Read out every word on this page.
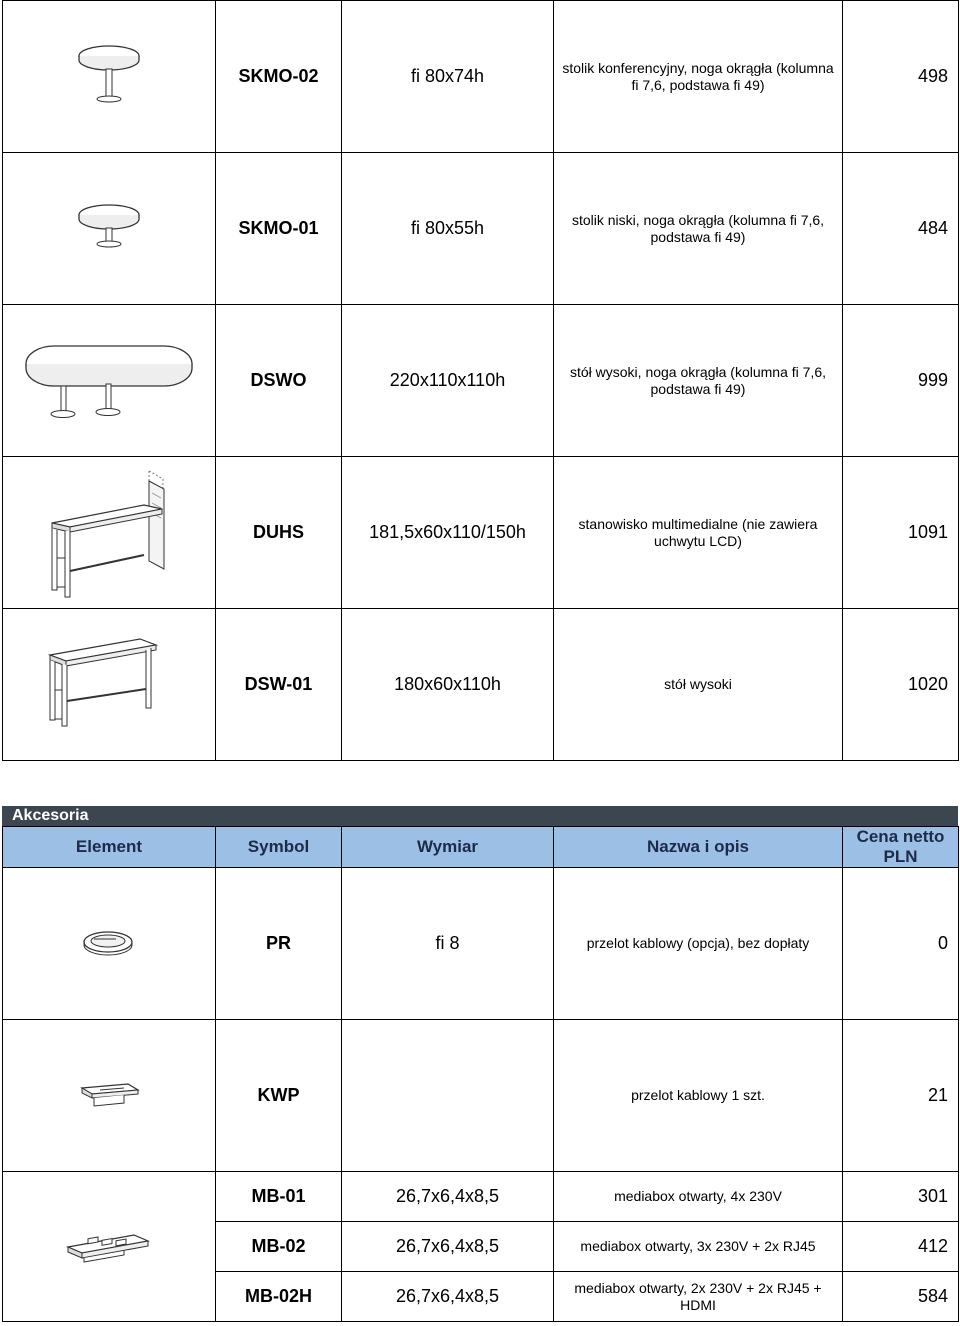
	SKMO-02	fi 80x74h	stolik konferencyjny, noga okrągła (kolumna fi 7,6, podstawa fi 49)	498

	SKMO-01	fi 80x55h	stolik niski, noga okrągła (kolumna fi 7,6, podstawa fi 49)	484

	DSWO	220x110x110h	stół wysoki, noga okrągła (kolumna fi 7,6, podstawa fi 49)	999

	DUHS	181,5x60x110/150h	stanowisko multimedialne (nie zawiera uchwytu LCD)	1091

	DSW-01	180x60x110h	stół wysoki	1020
Akcesoria
Element	Symbol	Wymiar	Nazwa i opis	Cena netto PLN

	PR	fi 8	przelot kablowy (opcja), bez dopłaty	0

	KWP		przelot kablowy 1 szt.	21

	MB-01	26,7x6,4x8,5	mediabox otwarty, 4x 230V	301
	MB-02	26,7x6,4x8,5	mediabox otwarty, 3x 230V + 2x RJ45	412
	MB-02H	26,7x6,4x8,5	mediabox otwarty, 2x 230V + 2x RJ45 + HDMI	584
